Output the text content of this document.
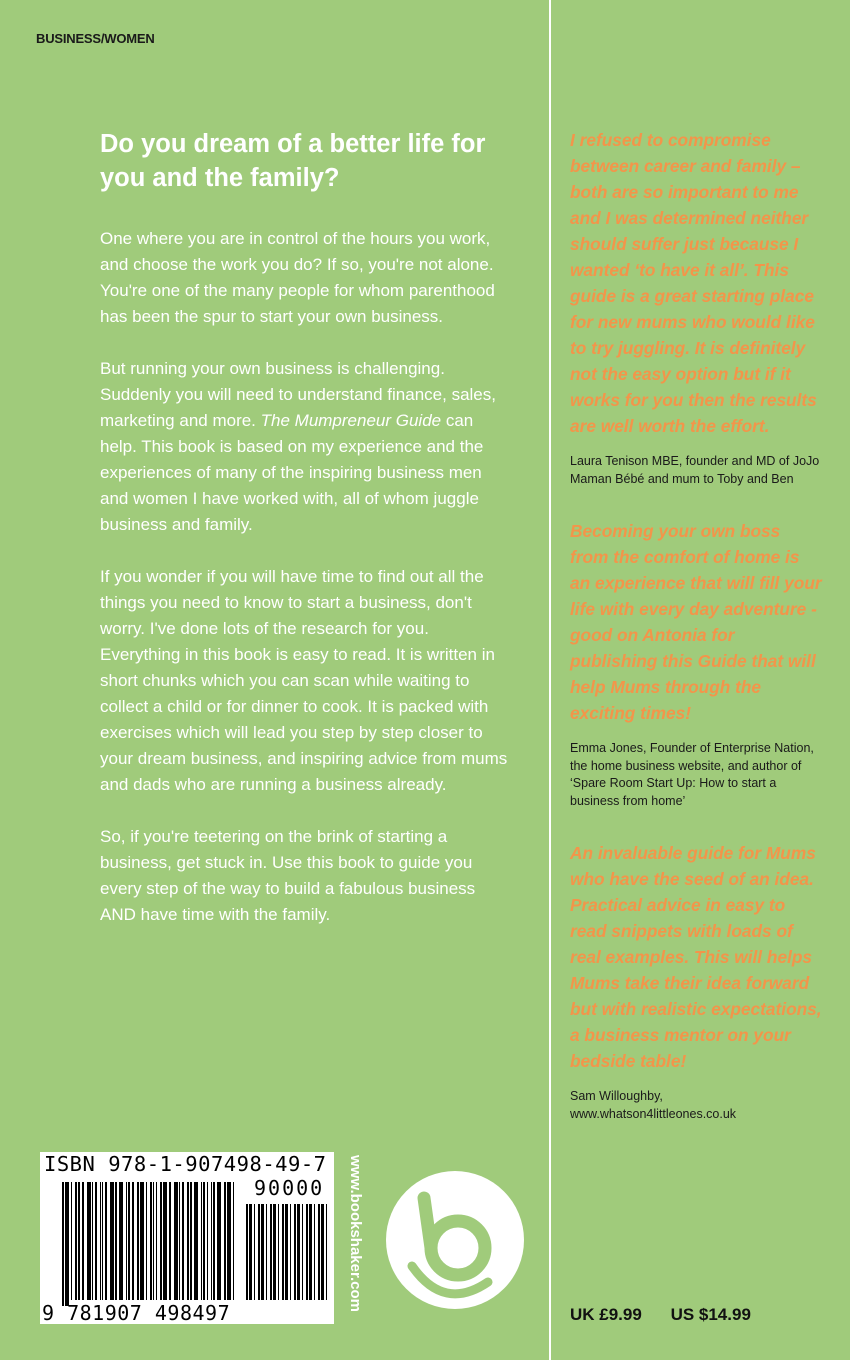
BUSINESS/WOMEN
Do you dream of a better life for you and the family?

One where you are in control of the hours you work, and choose the work you do? If so, you're not alone. You're one of the many people for whom parenthood has been the spur to start your own business.

But running your own business is challenging. Suddenly you will need to understand finance, sales, marketing and more. The Mumpreneur Guide can help. This book is based on my experience and the experiences of many of the inspiring business men and women I have worked with, all of whom juggle business and family.

If you wonder if you will have time to find out all the things you need to know to start a business, don't worry. I've done lots of the research for you. Everything in this book is easy to read. It is written in short chunks which you can scan while waiting to collect a child or for dinner to cook. It is packed with exercises which will lead you step by step closer to your dream business, and inspiring advice from mums and dads who are running a business already.

So, if you're teetering on the brink of starting a business, get stuck in. Use this book to guide you every step of the way to build a fabulous business AND have time with the family.

I refused to compromise between career and family – both are so important to me and I was determined neither should suffer just because I wanted ‘to have it all’. This guide is a great starting place for new mums who would like to try juggling. It is definitely not the easy option but if it works for you then the results are well worth the effort.

Laura Tenison MBE, founder and MD of JoJo Maman Bébé and mum to Toby and Ben

Becoming your own boss from the comfort of home is an experience that will fill your life with every day adventure - good on Antonia for publishing this Guide that will help Mums through the exciting times!

Emma Jones, Founder of Enterprise Nation, the home business website, and author of ‘Spare Room Start Up: How to start a business from home’

An invaluable guide for Mums who have the seed of an idea. Practical advice in easy to read snippets with loads of real examples. This will helps Mums take their idea forward but with realistic expectations, a business mentor on your bedside table!

Sam Willoughby, www.whatson4littleones.co.uk

UK £9.99 US $14.99
ISBN 978-1-907498-49-7
90000
9 781907 498497
www.bookshaker.com
